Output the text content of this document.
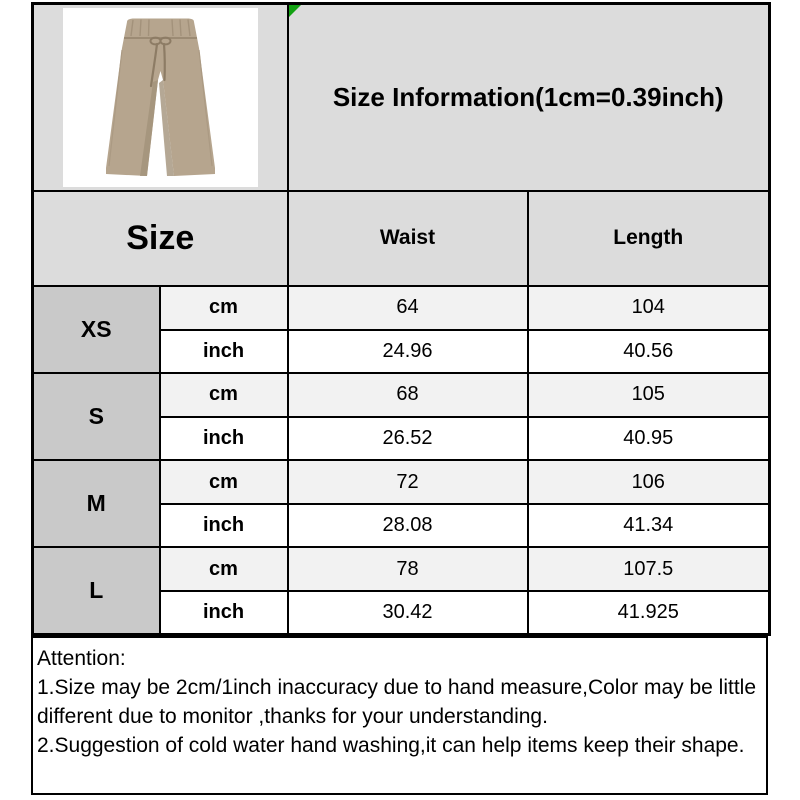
Size Information(1cm=0.39inch)	
Size		Waist	Length
XS	cm	64	104
	inch	24.96	40.56
S	cm	68	105
	inch	26.52	40.95
M	cm	72	106
	inch	28.08	41.34
L	cm	78	107.5
	inch	30.42	41.925
Attention:
1.Size may be 2cm/1inch inaccuracy due to hand measure,Color may be little
different due to monitor ,thanks for your understanding.
2.Suggestion of cold water hand washing,it can help items keep their shape.
